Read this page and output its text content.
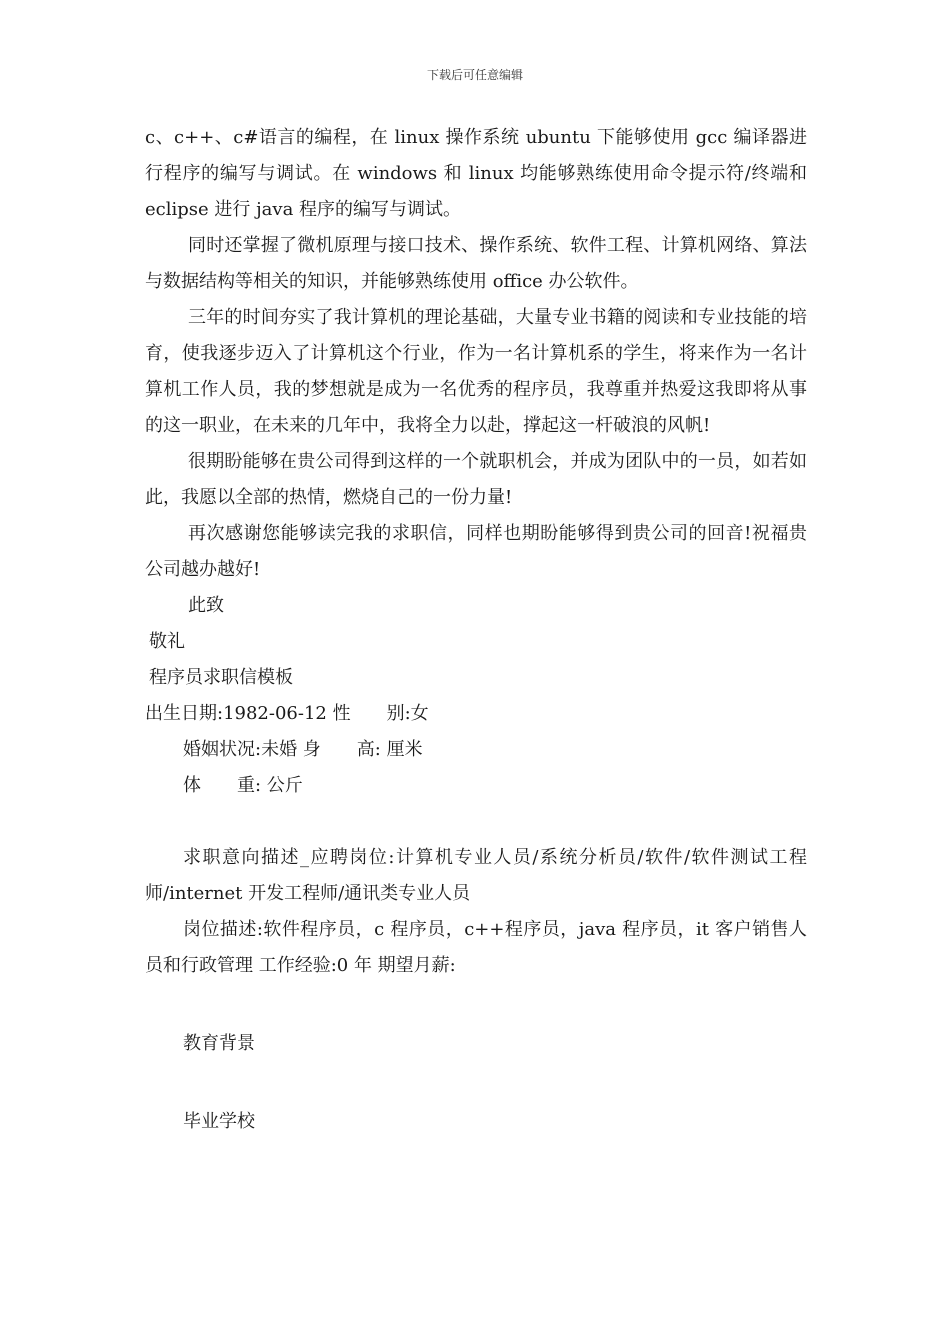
下载后可任意编辑

c、c++、c#语言的编程，在 linux 操作系统 ubuntu 下能够使用 gcc 编译器进行程序的编写与调试。在 windows 和 linux 均能够熟练使用命令提示符/终端和 eclipse 进行 java 程序的编写与调试。

同时还掌握了微机原理与接口技术、操作系统、软件工程、计算机网络、算法与数据结构等相关的知识，并能够熟练使用 office 办公软件。

三年的时间夯实了我计算机的理论基础，大量专业书籍的阅读和专业技能的培育，使我逐步迈入了计算机这个行业，作为一名计算机系的学生，将来作为一名计算机工作人员，我的梦想就是成为一名优秀的程序员，我尊重并热爱这我即将从事的这一职业，在未来的几年中，我将全力以赴，撑起这一杆破浪的风帆!

很期盼能够在贵公司得到这样的一个就职机会，并成为团队中的一员，如若如此，我愿以全部的热情，燃烧自己的一份力量!

再次感谢您能够读完我的求职信，同样也期盼能够得到贵公司的回音!祝福贵公司越办越好!

此致

敬礼

程序员求职信模板

出生日期:1982-06-12 性　　别:女

婚姻状况:未婚 身　　高: 厘米

体　　重: 公斤

求职意向描述_应聘岗位:计算机专业人员/系统分析员/软件/软件测试工程师/internet 开发工程师/通讯类专业人员

岗位描述:软件程序员，c 程序员，c++程序员，java 程序员，it 客户销售人员和行政管理 工作经验:0 年 期望月薪:

教育背景

毕业学校
